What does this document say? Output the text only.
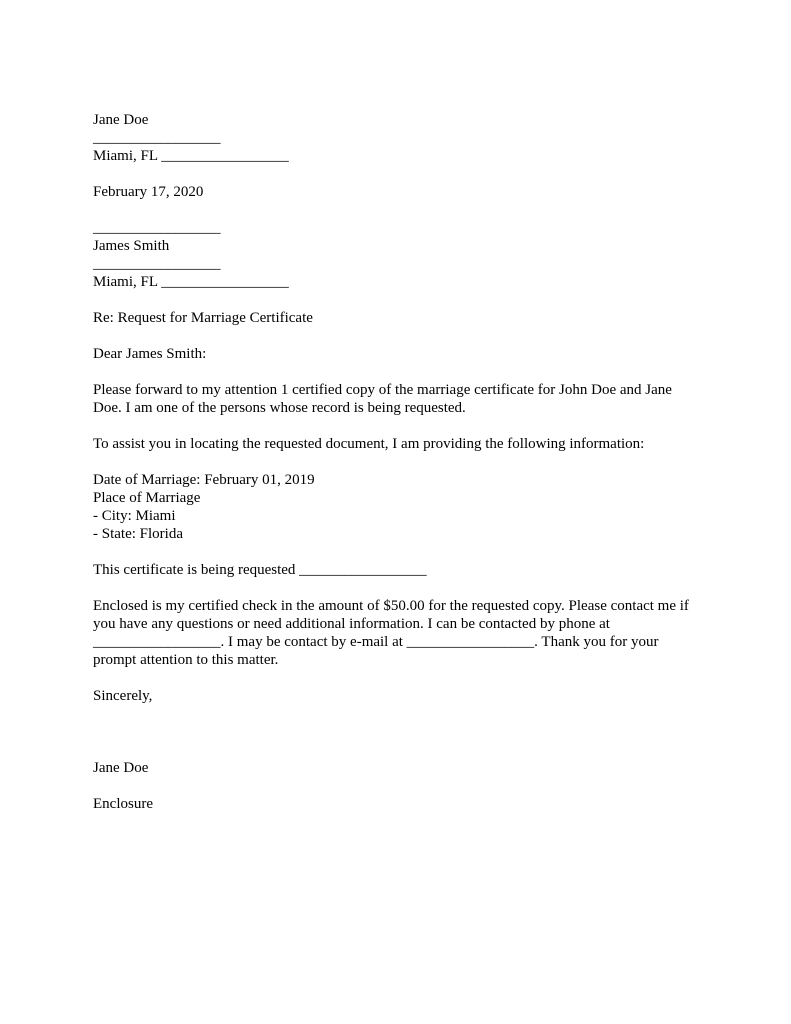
Jane Doe
_________________
Miami, FL _________________
February 17, 2020
_________________
James Smith
_________________
Miami, FL _________________
Re: Request for Marriage Certificate
Dear James Smith:
Please forward to my attention 1 certified copy of the marriage certificate for John Doe and Jane Doe. I am one of the persons whose record is being requested.
To assist you in locating the requested document, I am providing the following information:
Date of Marriage: February 01, 2019
Place of Marriage
- City: Miami
- State: Florida
This certificate is being requested _________________
Enclosed is my certified check in the amount of $50.00 for the requested copy. Please contact me if you have any questions or need additional information. I can be contacted by phone at _________________. I may be contact by e-mail at _________________. Thank you for your prompt attention to this matter.
Sincerely,
Jane Doe
Enclosure
